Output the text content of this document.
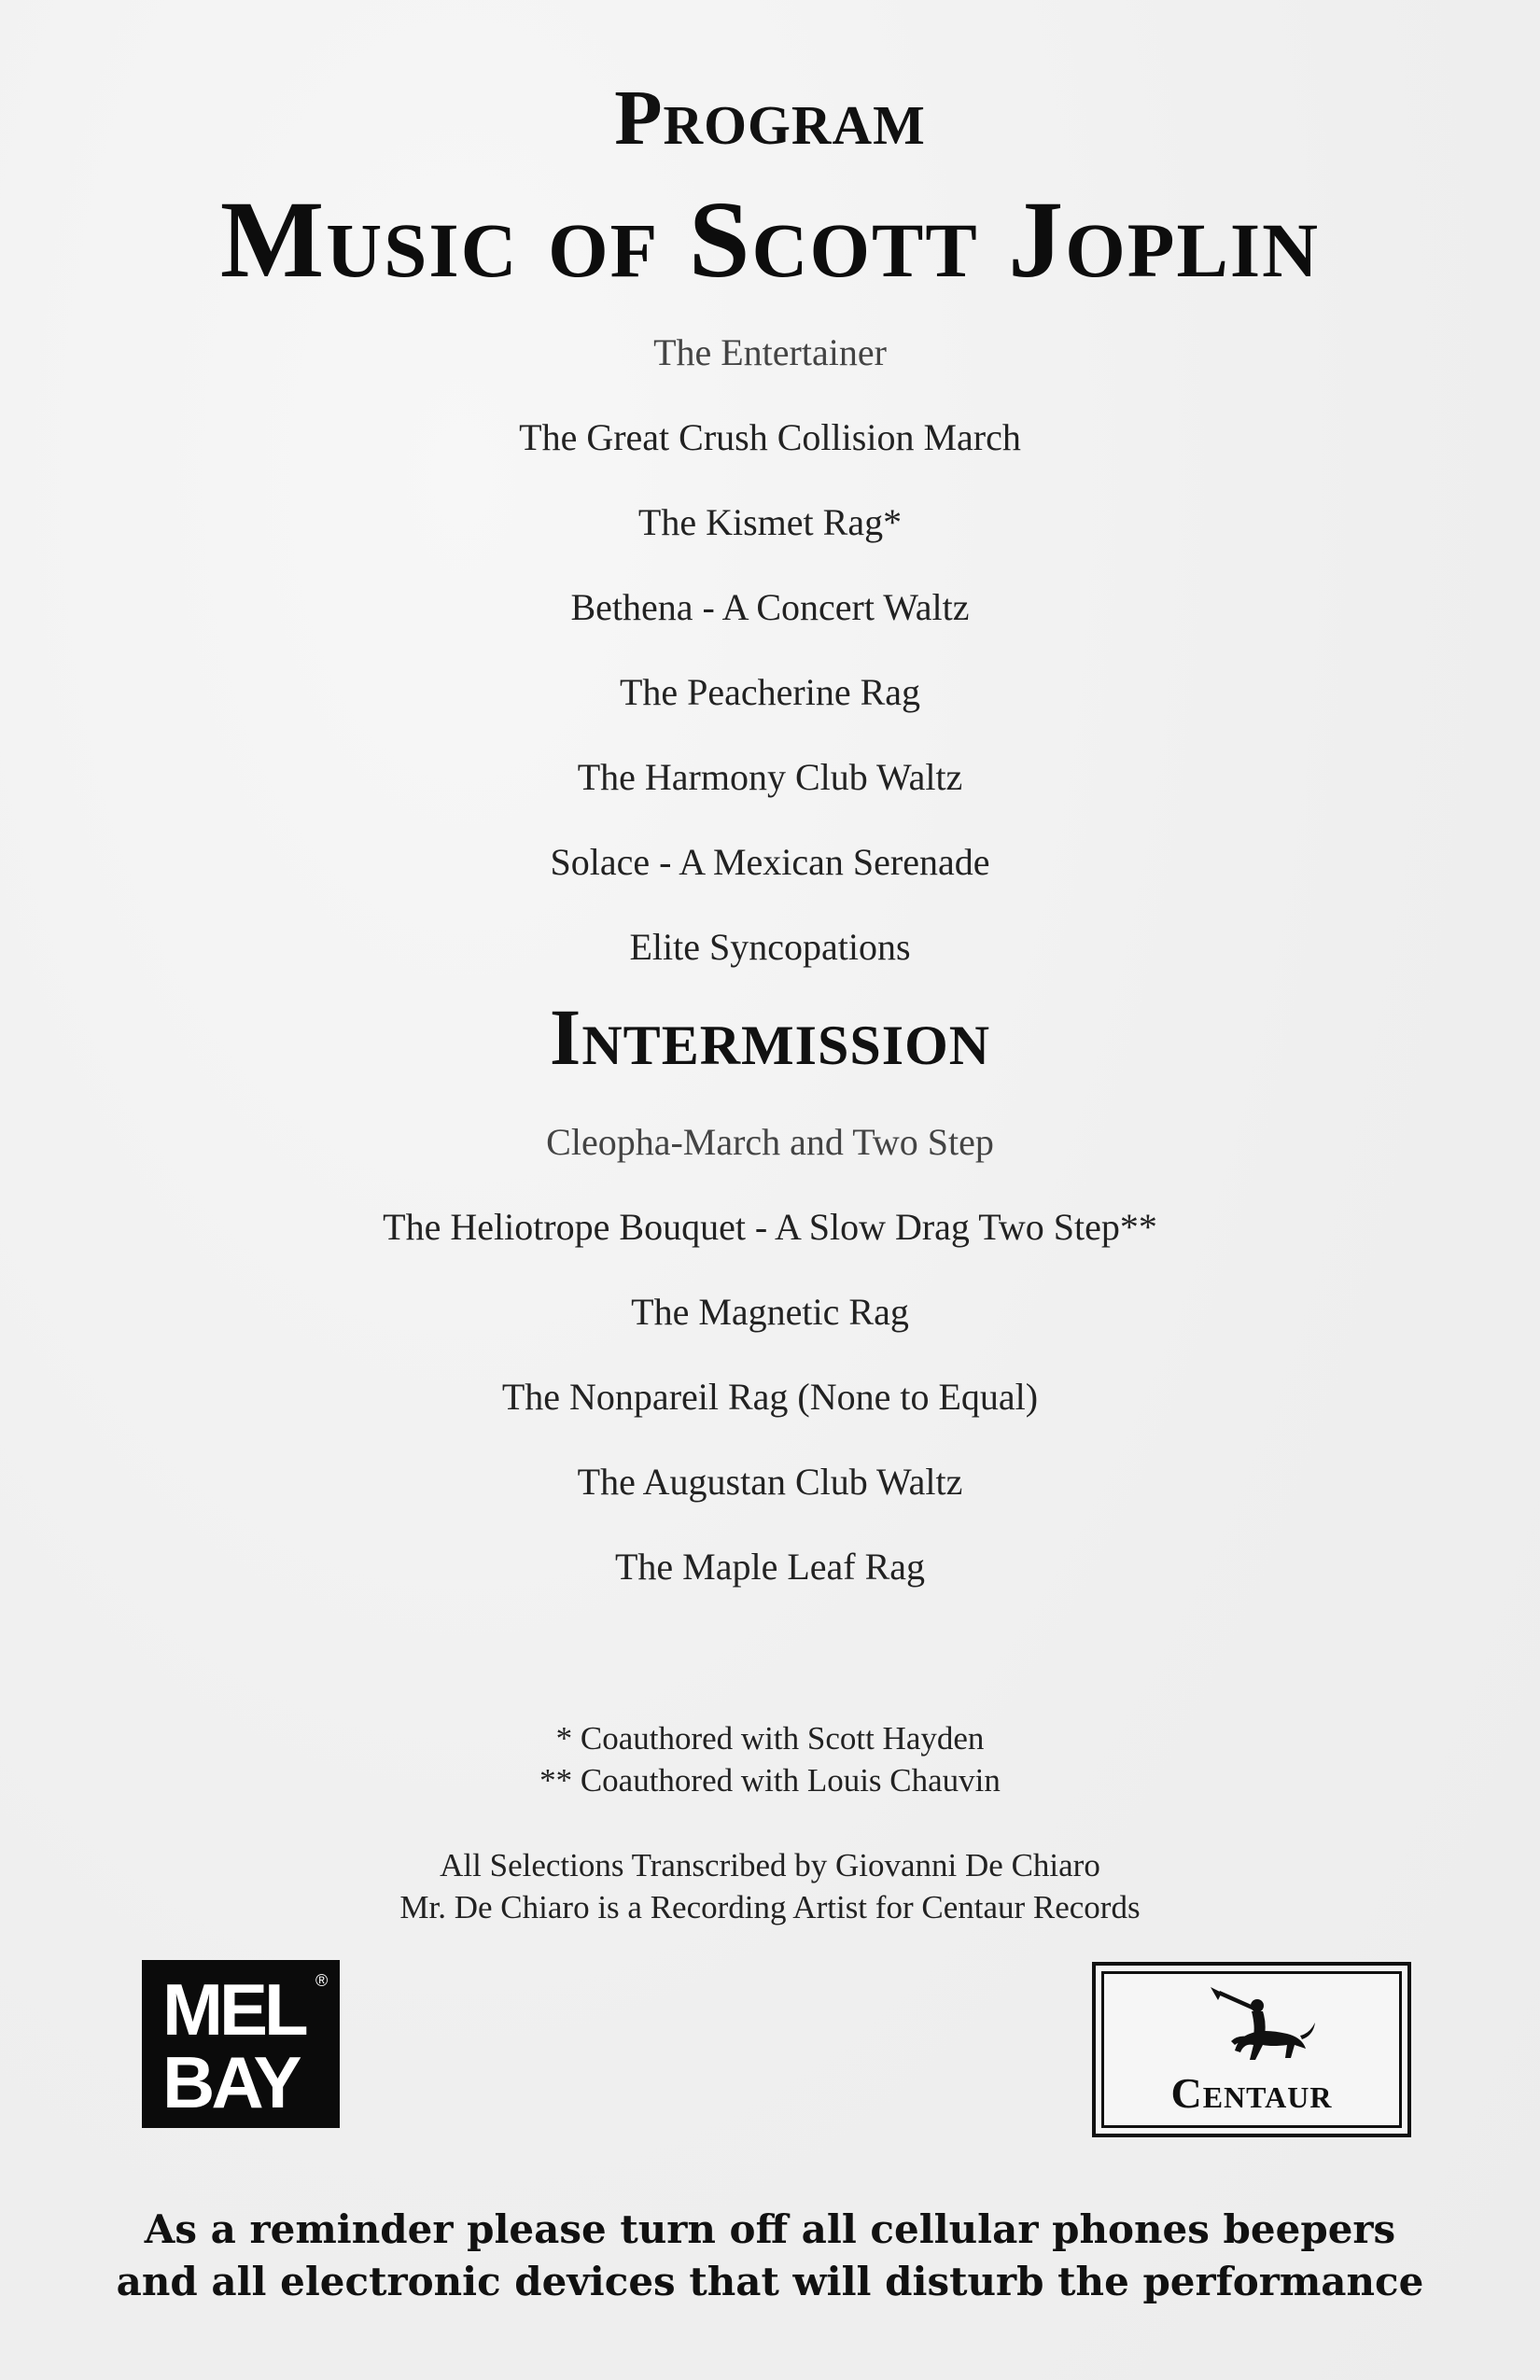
Program
Music of Scott Joplin
The Entertainer
The Great Crush Collision March
The Kismet Rag*
Bethena - A Concert Waltz
The Peacherine Rag
The Harmony Club Waltz
Solace - A Mexican Serenade
Elite Syncopations
Intermission
Cleopha-March and Two Step
The Heliotrope Bouquet - A Slow Drag Two Step**
The Magnetic Rag
The Nonpareil Rag (None to Equal)
The Augustan Club Waltz
The Maple Leaf Rag
* Coauthored with Scott Hayden
** Coauthored with Louis Chauvin
All Selections Transcribed by Giovanni De Chiaro
Mr. De Chiaro is a Recording Artist for Centaur Records
MEL
BAY
®
Centaur
As a reminder please turn off all cellular phones beepers
and all electronic devices that will disturb the performance
